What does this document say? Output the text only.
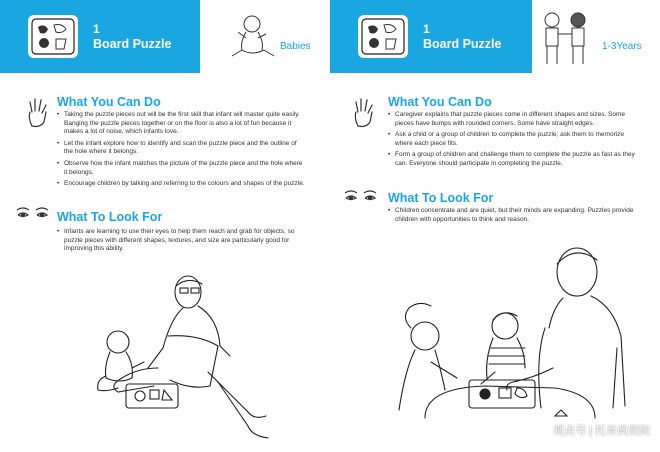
1
Board Puzzle	Babies
What You Can Do
• Taking the puzzle pieces out will be the first skill that infant will master quite easily. Banging the puzzle pieces together or on the floor is also a lot of fun because it makes a lot of noise, which infants love.
• Let the infant explore how to identify and scan the puzzle piece and the outline of the hole where it belongs.
• Observe how the infant matches the picture of the puzzle piece and the hole where it belongs.
• Encourage children by talking and referring to the colours and shapes of the puzzle.
What To Look For
• Infants are learning to use their eyes to help them reach and grab for objects, so puzzle pieces with different shapes, textures, and size are particularly good for improving this ability.
1
Board Puzzle	1-3Years
What You Can Do
• Caregiver explains that puzzle pieces come in different shapes and sizes. Some pieces have bumps with rounded corners. Some have straight edges.
• Ask a child or a group of children to complete the puzzle; ask them to memorize where each piece fits.
• Form a group of children and challenge them to complete the puzzle as fast as they can. Everyone should participate in completing the puzzle.
What To Look For
• Children concentrate and are quiet, but their minds are expanding. Puzzles provide children with opportunities to think and reason.
观点号 | 托育尚贤院
